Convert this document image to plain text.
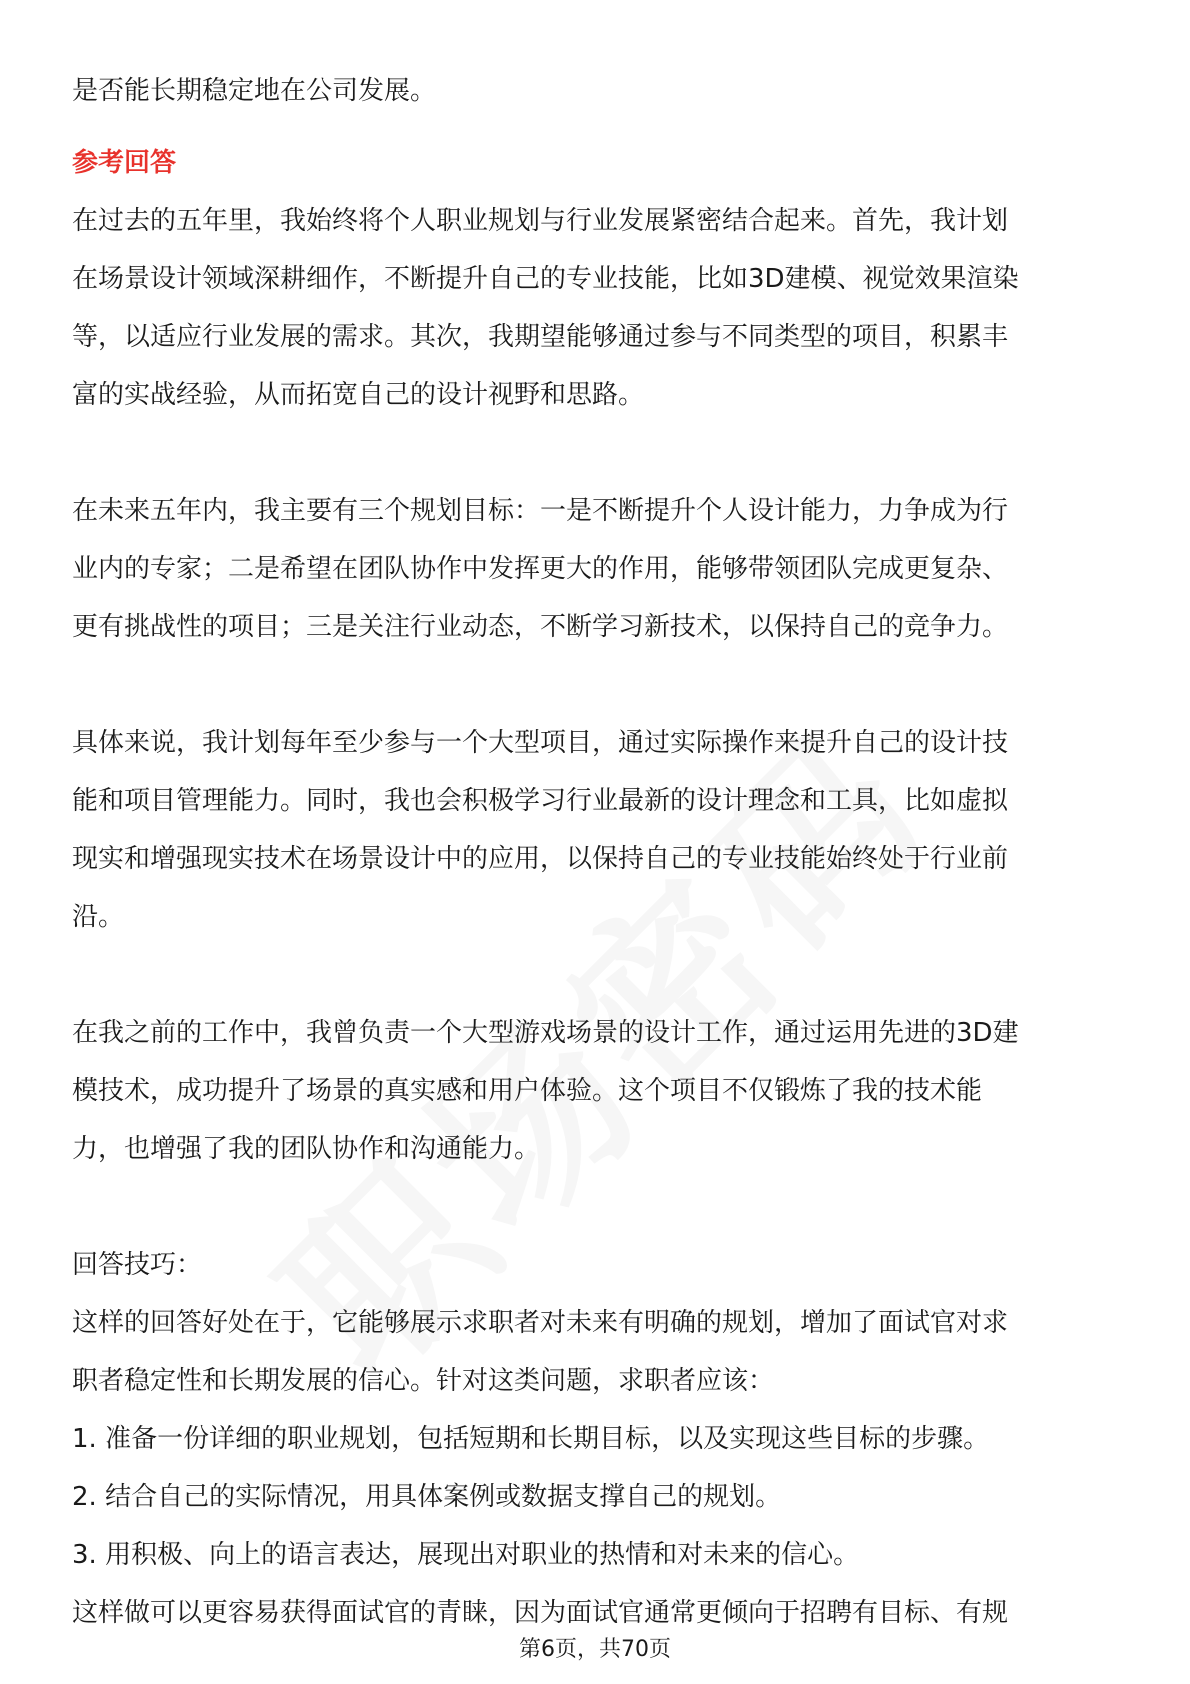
是否能长期稳定地在公司发展。
参考回答
在过去的五年里，我始终将个人职业规划与行业发展紧密结合起来。首先，我计划
在场景设计领域深耕细作，不断提升自己的专业技能，比如3D建模、视觉效果渲染
等，以适应行业发展的需求。其次，我期望能够通过参与不同类型的项目，积累丰
富的实战经验，从而拓宽自己的设计视野和思路。
在未来五年内，我主要有三个规划目标：一是不断提升个人设计能力，力争成为行
业内的专家；二是希望在团队协作中发挥更大的作用，能够带领团队完成更复杂、
更有挑战性的项目；三是关注行业动态，不断学习新技术，以保持自己的竞争力。
具体来说，我计划每年至少参与一个大型项目，通过实际操作来提升自己的设计技
能和项目管理能力。同时，我也会积极学习行业最新的设计理念和工具，比如虚拟
现实和增强现实技术在场景设计中的应用，以保持自己的专业技能始终处于行业前
沿。
在我之前的工作中，我曾负责一个大型游戏场景的设计工作，通过运用先进的3D建
模技术，成功提升了场景的真实感和用户体验。这个项目不仅锻炼了我的技术能
力，也增强了我的团队协作和沟通能力。
回答技巧：
这样的回答好处在于，它能够展示求职者对未来有明确的规划，增加了面试官对求
职者稳定性和长期发展的信心。针对这类问题，求职者应该：
1. 准备一份详细的职业规划，包括短期和长期目标，以及实现这些目标的步骤。
2. 结合自己的实际情况，用具体案例或数据支撑自己的规划。
3. 用积极、向上的语言表达，展现出对职业的热情和对未来的信心。
这样做可以更容易获得面试官的青睐，因为面试官通常更倾向于招聘有目标、有规
第6页，共70页
